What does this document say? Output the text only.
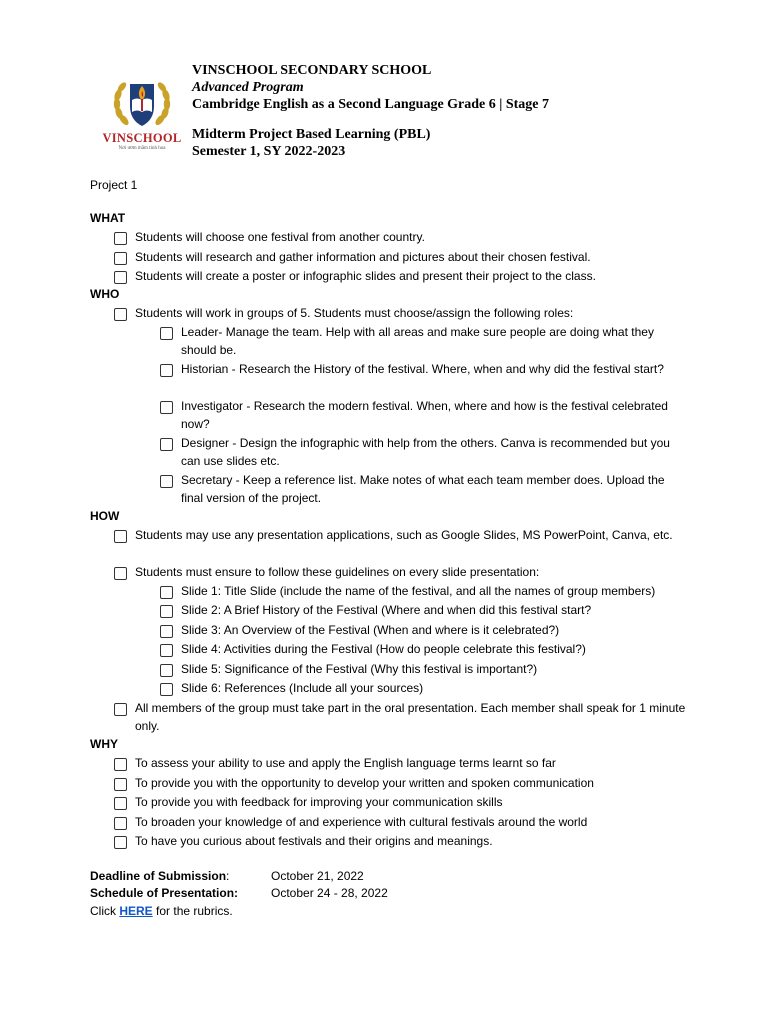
VINSCHOOL
Nơi ươm mầm tinh hoa
VINSCHOOL SECONDARY SCHOOL
Advanced Program
Cambridge English as a Second Language Grade 6 | Stage 7
Midterm Project Based Learning (PBL)
Semester 1, SY 2022-2023
Project 1
WHAT
Students will choose one festival from another country.
Students will research and gather information and pictures about their chosen festival.
Students will create a poster or infographic slides and present their project to the class.
WHO
Students will work in groups of 5. Students must choose/assign the following roles:
Leader- Manage the team. Help with all areas and make sure people are doing what they should be.
Historian - Research the History of the festival. Where, when and why did the festival start?
Investigator - Research the modern festival. When, where and how is the festival celebrated now?
Designer - Design the infographic with help from the others. Canva is recommended but you can use slides etc.
Secretary - Keep a reference list. Make notes of what each team member does. Upload the final version of the project.
HOW
Students may use any presentation applications, such as Google Slides, MS PowerPoint, Canva, etc.
Students must ensure to follow these guidelines on every slide presentation:
Slide 1: Title Slide (include the name of the festival, and all the names of group members)
Slide 2: A Brief History of the Festival (Where and when did this festival start?
Slide 3: An Overview of the Festival (When and where is it celebrated?)
Slide 4: Activities during the Festival (How do people celebrate this festival?)
Slide 5: Significance of the Festival (Why this festival is important?)
Slide 6: References (Include all your sources)
All members of the group must take part in the oral presentation. Each member shall speak for 1 minute only.
WHY
To assess your ability to use and apply the English language terms learnt so far
To provide you with the opportunity to develop your written and spoken communication
To provide you with feedback for improving your communication skills
To broaden your knowledge of and experience with cultural festivals around the world
To have you curious about festivals and their origins and meanings.
Deadline of Submission:	October 21, 2022
Schedule of Presentation:	October 24 - 28, 2022
Click HERE for the rubrics.
